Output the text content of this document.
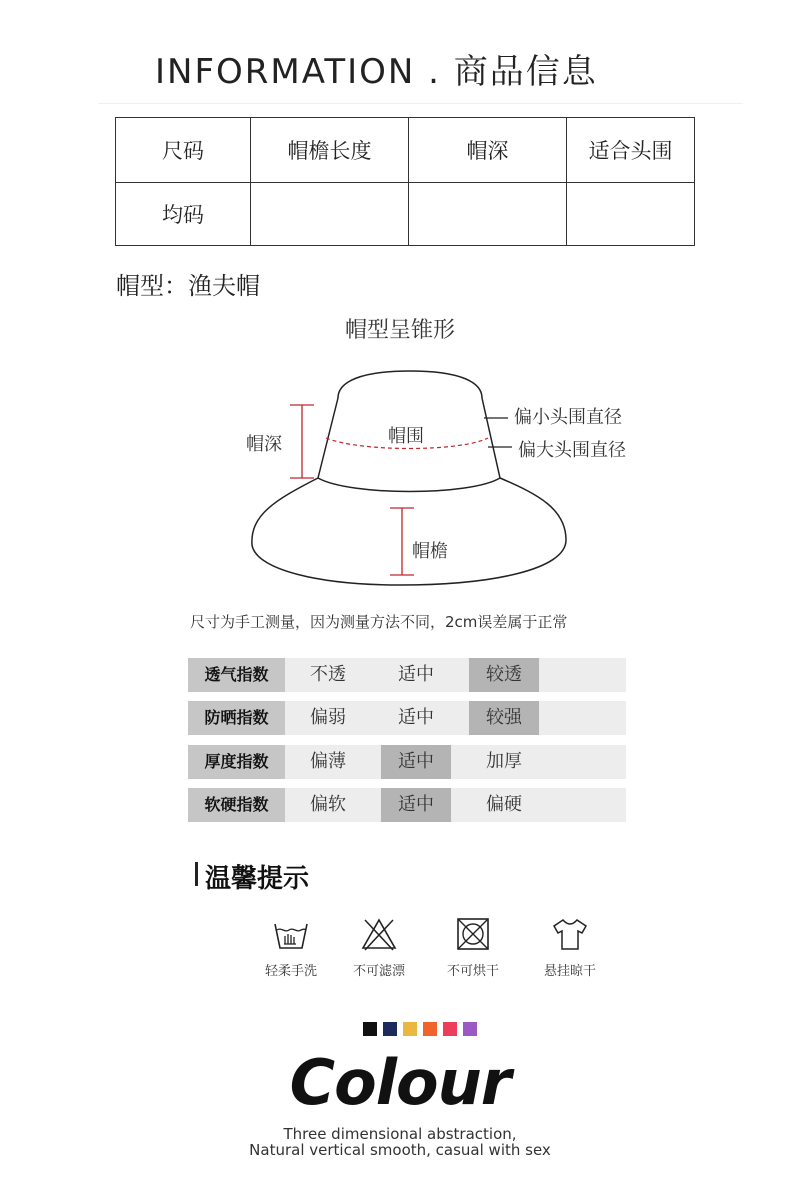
INFORMATION . 商品信息
尺码	帽檐长度	帽深	适合头围
均码			
帽型：渔夫帽
帽型呈锥形
帽深	帽围
帽檐
偏小头围直径
偏大头围直径
尺寸为手工测量，因为测量方法不同，2cm误差属于正常
透气指数	不透	适中	较透
防晒指数	偏弱	适中	较强
厚度指数	偏薄	适中	加厚
软硬指数	偏软	适中	偏硬
温馨提示
轻柔手洗	不可滤漂	不可烘干	悬挂晾干
Colour
Three dimensional abstraction,
Natural vertical smooth, casual with sex
